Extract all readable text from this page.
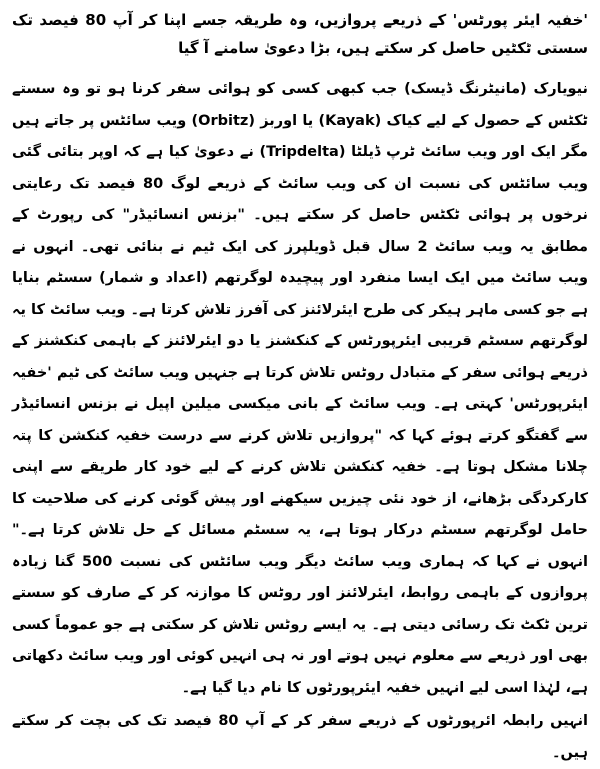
'خفیہ ایئر پورٹس' کے ذریعے پروازیں، وہ طریقہ جسے اپنا کر آپ 80 فیصد تک سستی ٹکٹیں حاصل کر سکتے ہیں، بڑا دعویٰ سامنے آ گیا

نیویارک (مانیٹرنگ ڈیسک) جب کبھی کسی کو ہوائی سفر کرنا ہو تو وہ سستے ٹکٹس کے حصول کے لیے کیاک (Kayak) یا اوربز (Orbitz) ویب سائٹس پر جاتے ہیں مگر ایک اور ویب سائٹ ٹرپ ڈیلٹا (Tripdelta) نے دعویٰ کیا ہے کہ اوپر بتائی گئی ویب سائٹس کی نسبت ان کی ویب سائٹ کے ذریعے لوگ 80 فیصد تک رعایتی نرخوں پر ہوائی ٹکٹس حاصل کر سکتے ہیں۔ "بزنس انسائیڈر" کی رپورٹ کے مطابق یہ ویب سائٹ 2 سال قبل ڈویلپرز کی ایک ٹیم نے بنائی تھی۔ انہوں نے ویب سائٹ میں ایک ایسا منفرد اور پیچیدہ لوگرتھم (اعداد و شمار) سسٹم بنایا ہے جو کسی ماہر ہیکر کی طرح ایئرلائنز کی آفرز تلاش کرتا ہے۔ ویب سائٹ کا یہ لوگرتھم سسٹم قریبی ایئرپورٹس کے کنکشنز یا دو ایئرلائنز کے باہمی کنکشنز کے ذریعے ہوائی سفر کے متبادل روٹس تلاش کرتا ہے جنہیں ویب سائٹ کی ٹیم 'خفیہ ایئرپورٹس' کہتی ہے۔ ویب سائٹ کے بانی میکسی میلین اپیل نے بزنس انسائیڈر سے گفتگو کرتے ہوئے کہا کہ "پروازیں تلاش کرنے سے درست خفیہ کنکشن کا پتہ چلانا مشکل ہوتا ہے۔ خفیہ کنکشن تلاش کرنے کے لیے خود کار طریقے سے اپنی کارکردگی بڑھانے، از خود نئی چیزیں سیکھنے اور پیش گوئی کرنے کی صلاحیت کا حامل لوگرتھم سسٹم درکار ہوتا ہے، یہ سسٹم مسائل کے حل تلاش کرتا ہے۔" انہوں نے کہا کہ ہماری ویب سائٹ دیگر ویب سائٹس کی نسبت 500 گنا زیادہ پروازوں کے باہمی روابط، ایئرلائنز اور روٹس کا موازنہ کر کے صارف کو سستے ترین ٹکٹ تک رسائی دیتی ہے۔ یہ ایسے روٹس تلاش کر سکتی ہے جو عموماً کسی بھی اور ذریعے سے معلوم نہیں ہوتے اور نہ ہی انہیں کوئی اور ویب سائٹ دکھاتی ہے، لہٰذا اسی لیے انہیں خفیہ ایئرپورٹوں کا نام دیا گیا ہے۔

انہیں رابطہ ائرپورٹوں کے ذریعے سفر کر کے آپ 80 فیصد تک کی بچت کر سکتے ہیں۔
